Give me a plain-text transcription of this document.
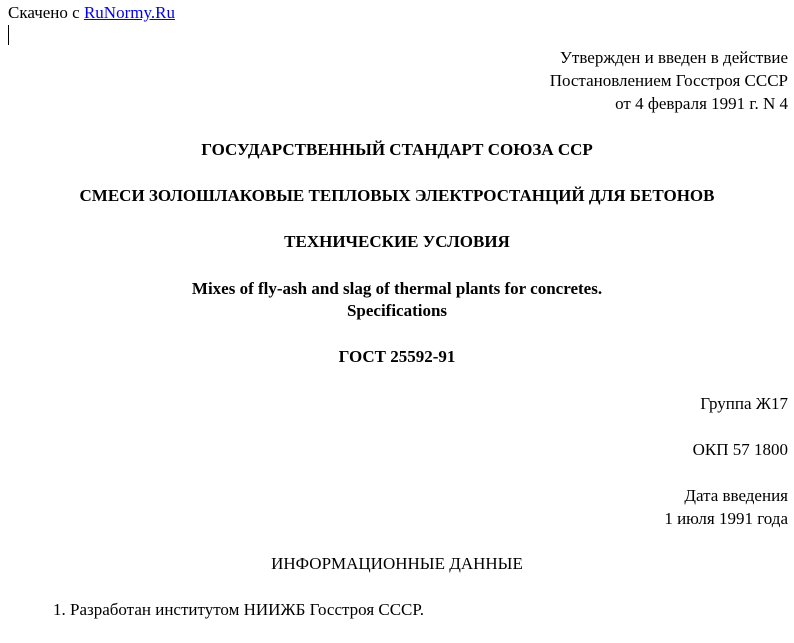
Скачено с RuNormy.Ru
Утвержден и введен в действие
Постановлением Госстроя СССР
от 4 февраля 1991 г. N 4
ГОСУДАРСТВЕННЫЙ СТАНДАРТ СОЮЗА ССР
СМЕСИ ЗОЛОШЛАКОВЫЕ ТЕПЛОВЫХ ЭЛЕКТРОСТАНЦИЙ ДЛЯ БЕТОНОВ
ТЕХНИЧЕСКИЕ УСЛОВИЯ
Mixes of fly-ash and slag of thermal plants for concretes.
Specifications
ГОСТ 25592-91
Группа Ж17
ОКП 57 1800
Дата введения
1 июля 1991 года
ИНФОРМАЦИОННЫЕ ДАННЫЕ
1. Разработан институтом НИИЖБ Госстроя СССР.
